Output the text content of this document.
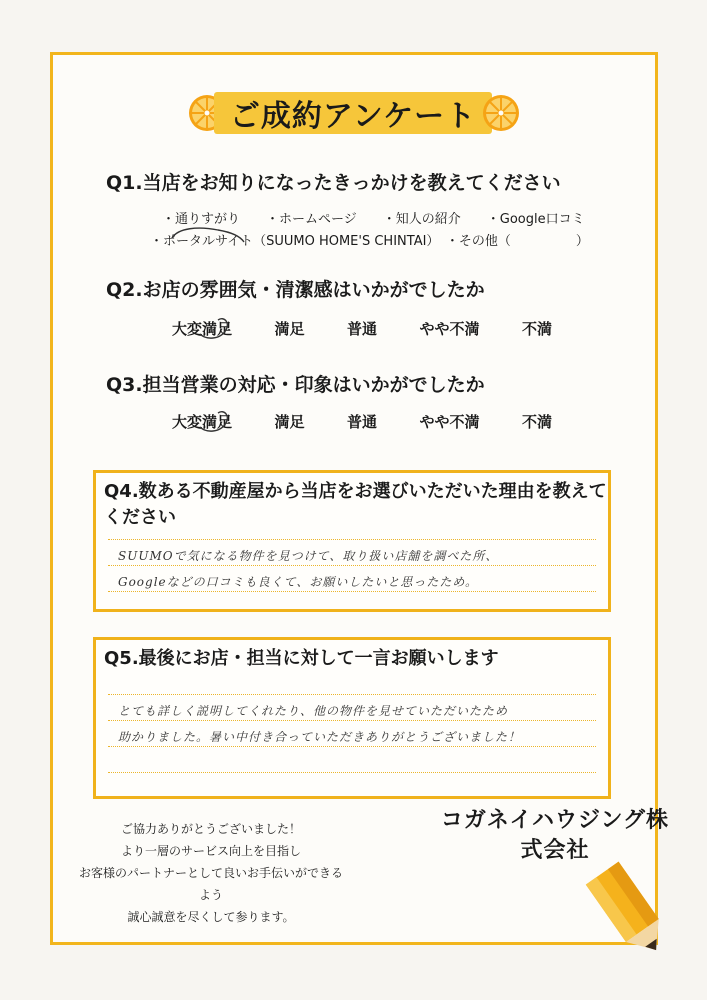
ご成約アンケート
Q1.当店をお知りになったきっかけを教えてください
・通りすがり　　・ホームページ　　・知人の紹介　　・Google口コミ
・ポータルサイト（SUUMO HOME'S CHINTAI）　・その他（　　　　　）
Q2.お店の雰囲気・清潔感はいかがでしたか
大変満足	満足	普通	やや不満	不満
Q3.担当営業の対応・印象はいかがでしたか
大変満足	満足	普通	やや不満	不満
Q4.数ある不動産屋から当店をお選びいただいた理由を教えて
ください
SUUMOで気になる物件を見つけて、取り扱い店舗を調べた所、
Googleなどの口コミも良くて、お願いしたいと思ったため。
Q5.最後にお店・担当に対して一言お願いします
とても詳しく説明してくれたり、他の物件を見せていただいたため
助かりました。暑い中付き合っていただきありがとうございました！
ご協力ありがとうございました！
より一層のサービス向上を目指し
お客様のパートナーとして良いお手伝いができるよう
誠心誠意を尽くして参ります。
コガネイハウジング株
式会社
